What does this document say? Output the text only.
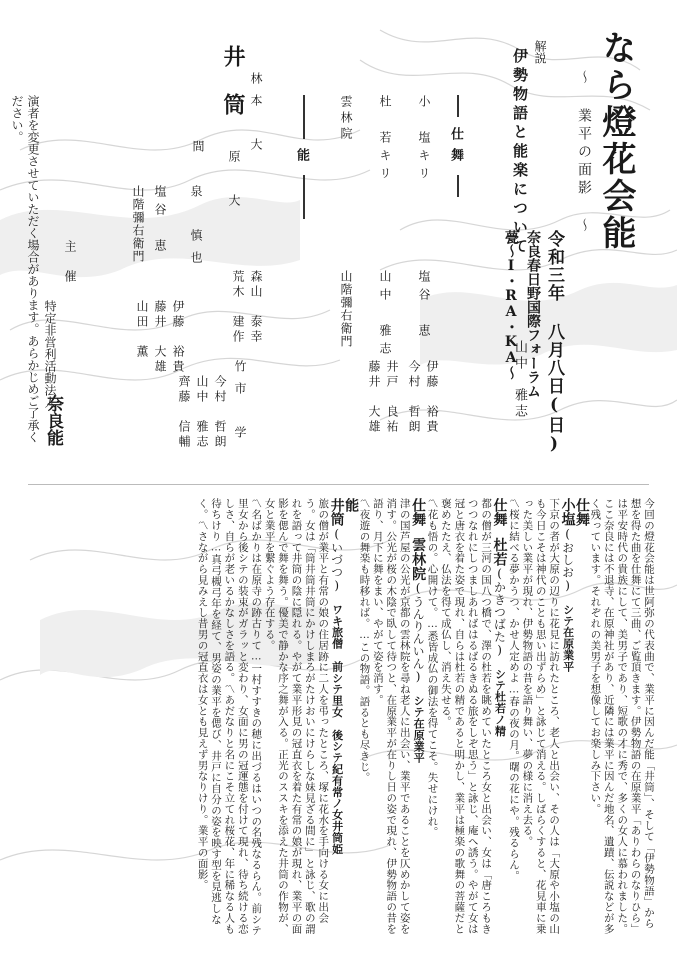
なら燈花会能
〜 業平の面影 〜
令和三年 八月八日(日)
奈良春日野国際フォーラム
甍〜I・RA・KA〜
解説
伊勢物語と能楽について
山中　雅志
仕舞
小　塩キリ
杜　若キリ
雲林院
塩谷　恵
山中　雅志
山階彌右衛門
伊藤　裕貴
今村　哲朗
井戸　良祐
藤井　大雄
能
井　筒 林本　大
原　大
間
泉　慎也
竹市　学
森山　泰幸
荒木　建作
塩谷　恵
山階彌右衛門
伊藤　裕貴
藤井　大雄
山田　薫
今村　哲朗
山中　雅志
齊藤　信輔
主　催
特定非営利活動法人
奈良能
演者を変更させていただく場合があります。あらかじめご了承ください。
今回の燈花会能は世阿弥の代表曲で、業平に因んだ能「井筒」、そして「伊勢物語」から想を得た曲を仕舞にて三曲、ご覧頂きます。伊勢物語の在原業平「ありわらのなりひら」は平安時代の貴族にして、美男子であり、短歌の才に秀で、多くの女人に慕われました。ここ奈良には不退寺、在原神社があり、近隣には業平に因んだ地名、遺蹟、伝説などが多く残っています。それぞれの美男子を想像してお楽しみ下さい。
仕舞
小塩(おしお)　シテ在原業平
下京の者が大原の辺りに花見に訪れたところ、老人と出会い、その人は「大原や小塩の山も今日こそは神代のことも思い出ずらめ」と詠じて消える。しばらくすると、花見車に乗った美しい業平が現れ、伊勢物語の昔を語り舞い、夢の様に消え去る。
〽桜に結べる夢かうつ、かせ人定めよ…春の夜の月。曙の花にや。残るらん。
仕舞　杜若(かきつばた)　シテ杜若ノ精
都の僧が三河の国八つ橋で、澤の杜若を眺めていたところ女と出会い、女は「唐ころもきつつなれにしつましあればはるばるきぬる旅をしぞ思う」と詠じ、庵へ誘う。やがて女は冠と唐衣を着た姿で現れ、自らは杜若の精であると明かし、業平は極楽の歌舞の菩薩だと褒めたたえ、仏法を得て成仏し、消え失せる。
〽花も悟の。心開けて。…悉皆成仏の御法を得てこそ。失せにけれ。
仕舞　雲林院(うんりんいん)　シテ在原業平
津の国芦屋の公光が京都の雲林院を尋ね老人に出会い、業平であることを仄めかして姿を消す。公光が桜の木陰で臥して待つと、在原業平が在りし日の姿で現れ、伊勢物語の昔を語り、月下に舞をまい、やがて姿を消す。
〽夜遊の舞楽も時移れば。…この物語。語るとも尽きじ。
能
井筒(いづつ)　ワキ旅僧　前シテ里女　後シテ紀有常ノ女井筒姫
旅の僧が業平と有常の娘の住居跡に二人を弔ったところ、塚に花水を手向ける女に出会う。女は「筒井筒井筒にかけしまろがたけおいにけらしな妹見ざる間に」と詠じ、歌の謂れを語って井筒の陰に隠れる。やがて業平形見の冠直衣を着た有常の娘が現れ、業平の面影を偲んで舞を舞う。優美で静かな序之舞が入る。正光のススキを添えた井筒の作物が、女と業平を繋ぐよう存在する。
〽名ばかりは在原寺の跡古りて…一村すすきの穂に出づるはいつの名残なるらん。前シテ里女から後シテの装束がガラッと変わり、女面に男の冠運態を付けて現れ、待ち続ける恋しさ、自らが老いるかなしさを語る。〽あだなりと名にこそ立てれ桜花、年に稀なる人も待ちけり…真弓槻弓年を経て、男姿の業平を偲び、井戸に自分の姿を映す型を見逃しなく。〽さながら見みえし昔男の冠直衣は女とも見えず男なりけり。業平の面影。
